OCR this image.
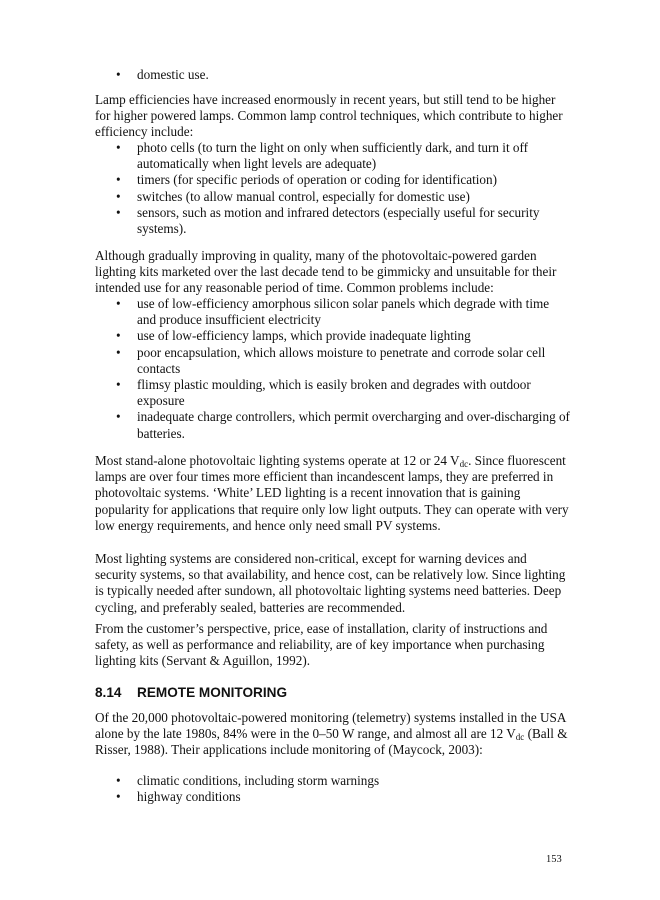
• domestic use.

Lamp efficiencies have increased enormously in recent years, but still tend to be higher for higher powered lamps. Common lamp control techniques, which contribute to higher efficiency include:

• photo cells (to turn the light on only when sufficiently dark, and turn it off automatically when light levels are adequate)
• timers (for specific periods of operation or coding for identification)
• switches (to allow manual control, especially for domestic use)
• sensors, such as motion and infrared detectors (especially useful for security systems).

Although gradually improving in quality, many of the photovoltaic-powered garden lighting kits marketed over the last decade tend to be gimmicky and unsuitable for their intended use for any reasonable period of time. Common problems include:

• use of low-efficiency amorphous silicon solar panels which degrade with time and produce insufficient electricity
• use of low-efficiency lamps, which provide inadequate lighting
• poor encapsulation, which allows moisture to penetrate and corrode solar cell contacts
• flimsy plastic moulding, which is easily broken and degrades with outdoor exposure
• inadequate charge controllers, which permit overcharging and over-discharging of batteries.

Most stand-alone photovoltaic lighting systems operate at 12 or 24 $V_{dc}$. Since fluorescent lamps are over four times more efficient than incandescent lamps, they are preferred in photovoltaic systems. ‘White’ LED lighting is a recent innovation that is gaining popularity for applications that require only low light outputs. They can operate with very low energy requirements, and hence only need small PV systems.

Most lighting systems are considered non-critical, except for warning devices and security systems, so that availability, and hence cost, can be relatively low. Since lighting is typically needed after sundown, all photovoltaic lighting systems need batteries. Deep cycling, and preferably sealed, batteries are recommended.

From the customer’s perspective, price, ease of installation, clarity of instructions and safety, as well as performance and reliability, are of key importance when purchasing lighting kits (Servant & Aguillon, 1992).

8.14 REMOTE MONITORING

Of the 20,000 photovoltaic-powered monitoring (telemetry) systems installed in the USA alone by the late 1980s, 84% were in the 0–50 W range, and almost all are 12 $V_{dc}$ (Ball & Risser, 1988). Their applications include monitoring of (Maycock, 2003):

• climatic conditions, including storm warnings
• highway conditions
153
